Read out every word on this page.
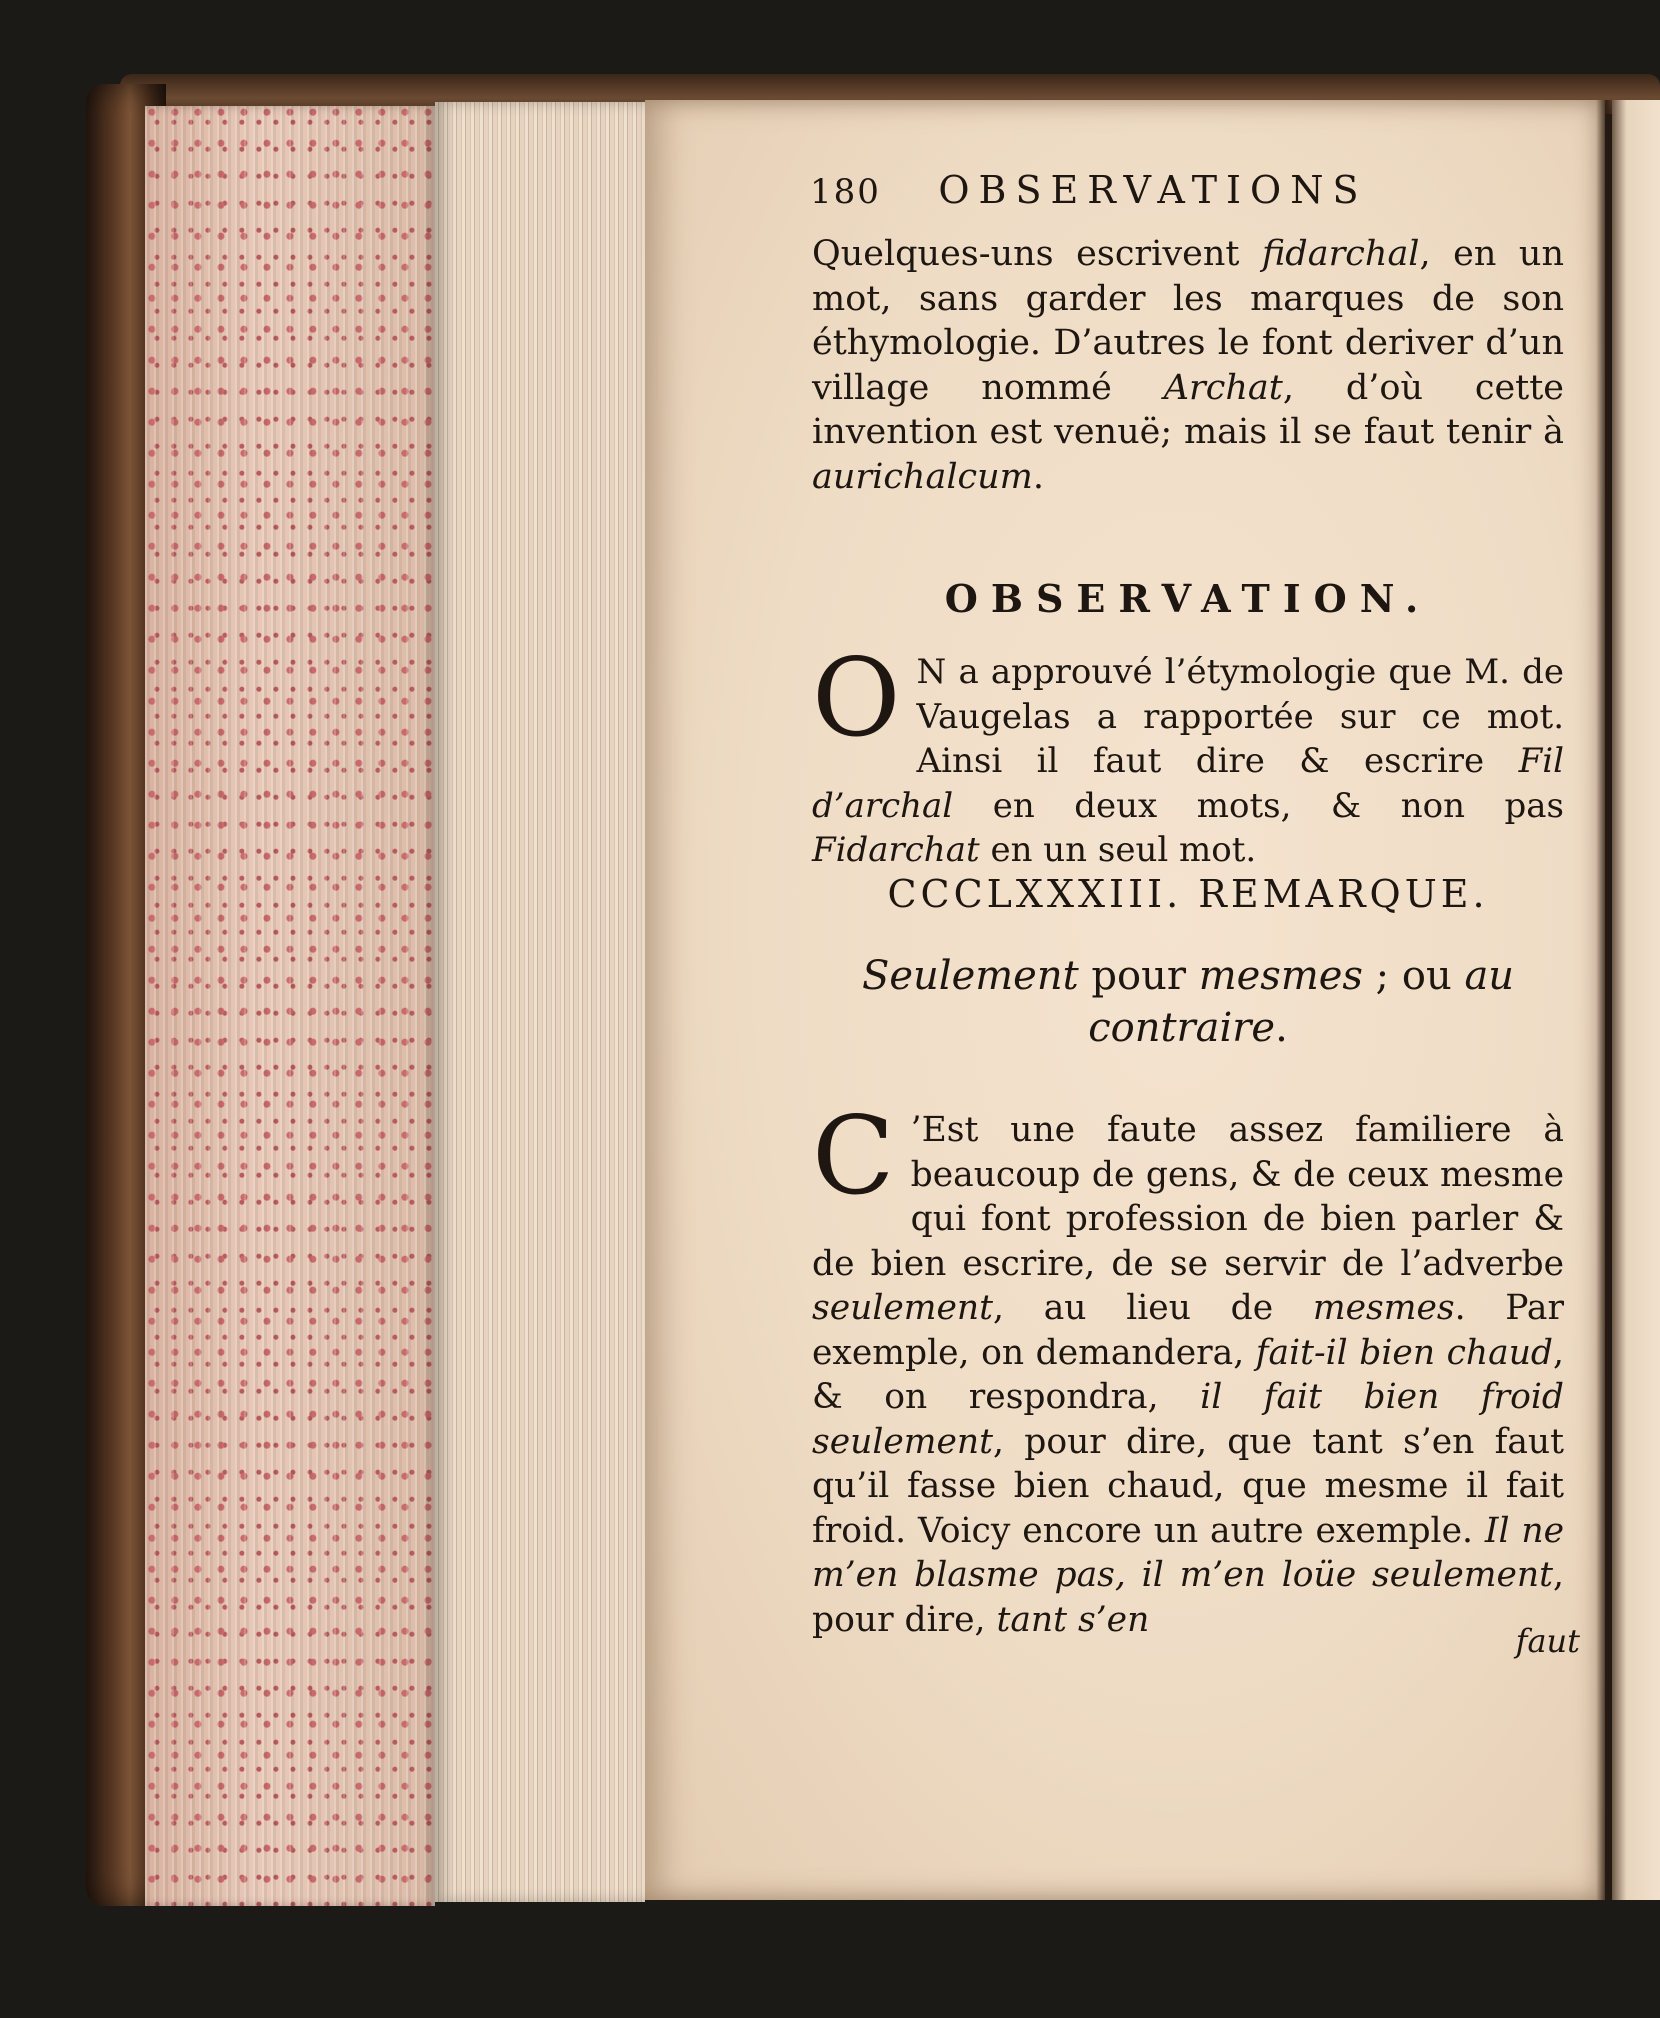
180 OBSERVATIONS
Quelques-uns escrivent fidarchal, en un mot, sans garder les marques de son éthymologie. D’autres le font deriver d’un village nommé Archat, d’où cette invention est venuë; mais il se faut tenir à aurichalcum.
OBSERVATION.
O N a approuvé l’étymologie que M. de Vaugelas a rapportée sur ce mot. Ainsi il faut dire & escrire Fil d’archal en deux mots, & non pas Fidarchat en un seul mot.
CCCLXXXIII. REMARQUE.
Seulement pour mesmes ; ou au contraire.
C ’Est une faute assez familiere à beaucoup de gens, & de ceux mesme qui font profession de bien parler & de bien escrire, de se servir de l’adverbe seulement, au lieu de mesmes. Par exemple, on demandera, fait-il bien chaud, & on respondra, il fait bien froid seulement, pour dire, que tant s’en faut qu’il fasse bien chaud, que mesme il fait froid. Voicy encore un autre exemple. Il ne m’en blasme pas, il m’en loüe seulement, pour dire, tant s’en
faut
